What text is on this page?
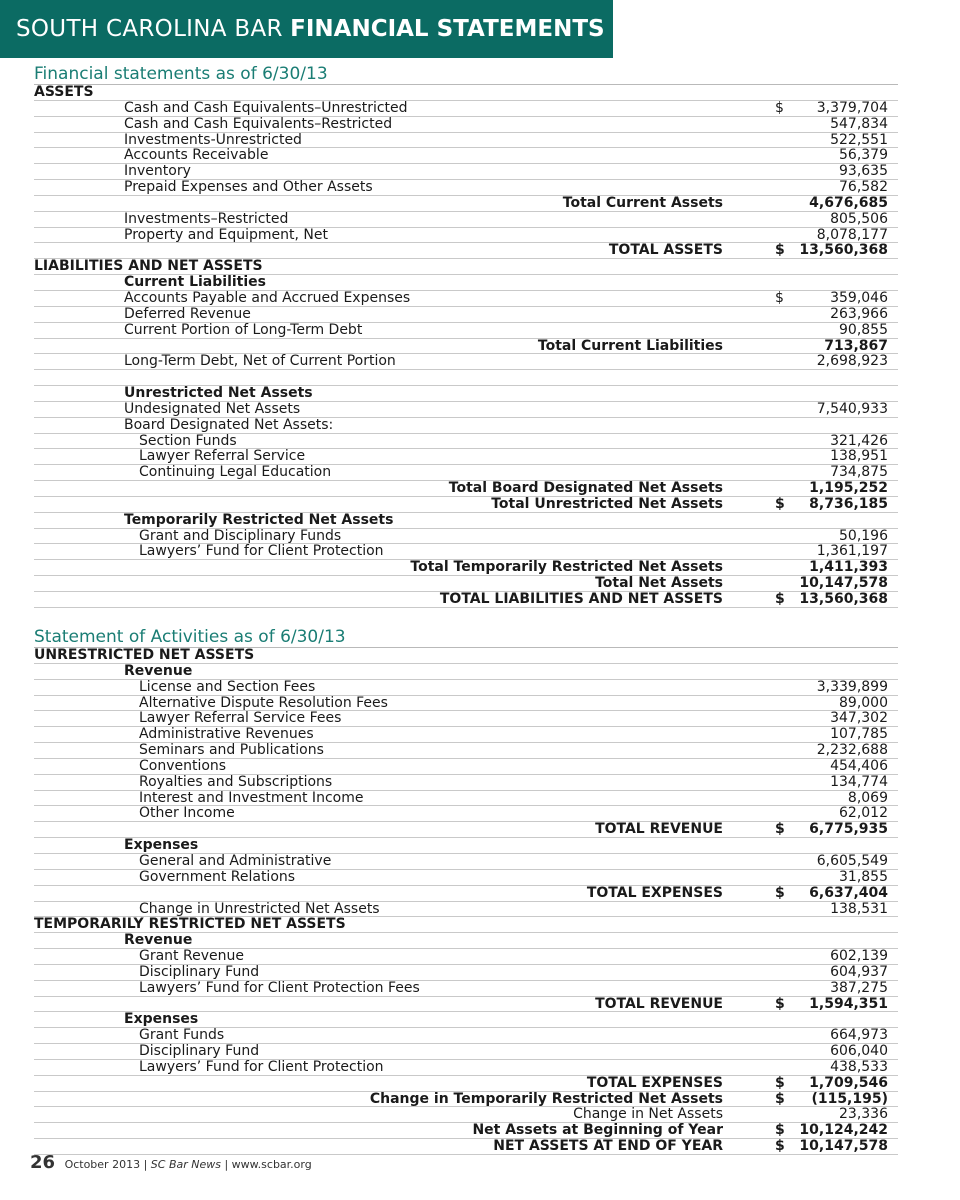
SOUTH CAROLINA BAR FINANCIAL STATEMENTS
Financial statements as of 6/30/13
ASSETS
Cash and Cash Equivalents–Unrestricted	$ 3,379,704
Cash and Cash Equivalents–Restricted	547,834
Investments-Unrestricted	522,551
Accounts Receivable	56,379
Inventory	93,635
Prepaid Expenses and Other Assets	76,582
Total Current Assets	4,676,685
Investments–Restricted	805,506
Property and Equipment, Net	8,078,177
TOTAL ASSETS	$ 13,560,368
LIABILITIES AND NET ASSETS
Current Liabilities
Accounts Payable and Accrued Expenses	$	359,046
Deferred Revenue	263,966
Current Portion of Long-Term Debt	90,855
Total Current Liabilities	713,867
Long-Term Debt, Net of Current Portion	2,698,923
Unrestricted Net Assets
Undesignated Net Assets	7,540,933
Board Designated Net Assets:
Section Funds	321,426
Lawyer Referral Service	138,951
Continuing Legal Education	734,875
Total Board Designated Net Assets	1,195,252
Total Unrestricted Net Assets	$ 8,736,185
Temporarily Restricted Net Assets
Grant and Disciplinary Funds	50,196
Lawyers’ Fund for Client Protection	1,361,197
Total Temporarily Restricted Net Assets	1,411,393
Total Net Assets	10,147,578
TOTAL LIABILITIES AND NET ASSETS	$ 13,560,368
Statement of Activities as of 6/30/13
UNRESTRICTED NET ASSETS
Revenue
License and Section Fees	3,339,899
Alternative Dispute Resolution Fees	89,000
Lawyer Referral Service Fees	347,302
Administrative Revenues	107,785
Seminars and Publications	2,232,688
Conventions	454,406
Royalties and Subscriptions	134,774
Interest and Investment Income	8,069
Other Income	62,012
TOTAL REVENUE	$ 6,775,935
Expenses
General and Administrative	6,605,549
Government Relations	31,855
TOTAL EXPENSES	$ 6,637,404
Change in Unrestricted Net Assets	138,531
TEMPORARILY RESTRICTED NET ASSETS
Revenue
Grant Revenue	602,139
Disciplinary Fund	604,937
Lawyers’ Fund for Client Protection Fees	387,275
TOTAL REVENUE	$ 1,594,351
Expenses
Grant Funds	664,973
Disciplinary Fund	606,040
Lawyers’ Fund for Client Protection	438,533
TOTAL EXPENSES	$ 1,709,546
Change in Temporarily Restricted Net Assets	$ (115,195)
Change in Net Assets	23,336
Net Assets at Beginning of Year	$ 10,124,242
NET ASSETS AT END OF YEAR	$ 10,147,578
26 October 2013 | SC Bar News | www.scbar.org
